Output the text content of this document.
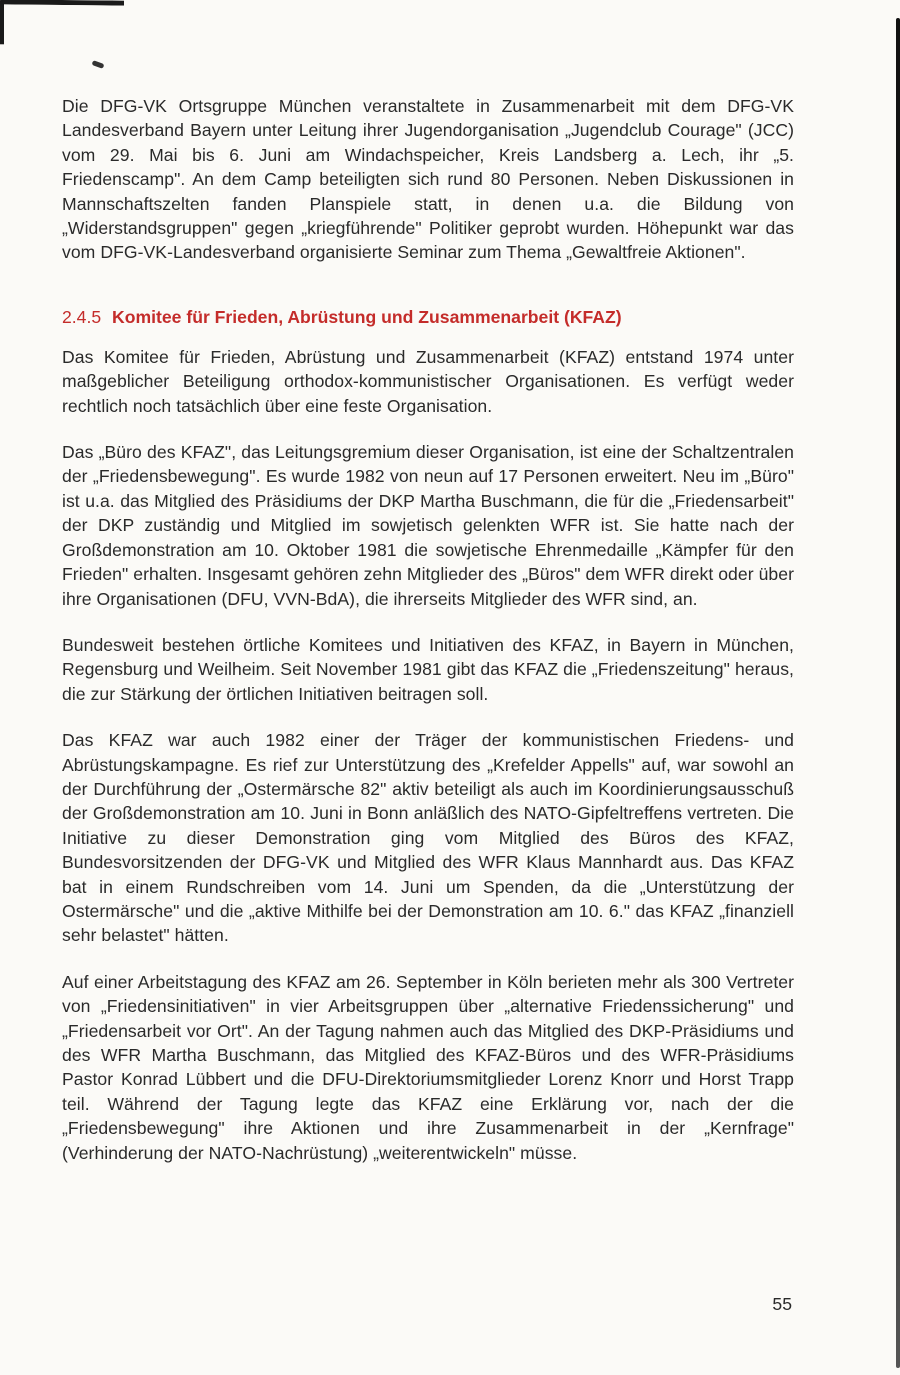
Die DFG-VK Ortsgruppe München veranstaltete in Zusammenarbeit mit dem DFG-VK Landesverband Bayern unter Leitung ihrer Jugendorganisation „Jugendclub Courage" (JCC) vom 29. Mai bis 6. Juni am Windachspeicher, Kreis Landsberg a. Lech, ihr „5. Friedenscamp". An dem Camp beteiligten sich rund 80 Personen. Neben Diskussionen in Mannschaftszelten fanden Planspiele statt, in denen u.a. die Bildung von „Widerstandsgruppen" gegen „kriegführende" Politiker geprobt wurden. Höhepunkt war das vom DFG-VK-Landesverband organisierte Seminar zum Thema „Gewaltfreie Aktionen".

2.4.5 Komitee für Frieden, Abrüstung und Zusammenarbeit (KFAZ)

Das Komitee für Frieden, Abrüstung und Zusammenarbeit (KFAZ) entstand 1974 unter maßgeblicher Beteiligung orthodox-kommunistischer Organisationen. Es verfügt weder rechtlich noch tatsächlich über eine feste Organisation.

Das „Büro des KFAZ", das Leitungsgremium dieser Organisation, ist eine der Schaltzentralen der „Friedensbewegung". Es wurde 1982 von neun auf 17 Personen erweitert. Neu im „Büro" ist u.a. das Mitglied des Präsidiums der DKP Martha Buschmann, die für die „Friedensarbeit" der DKP zuständig und Mitglied im sowjetisch gelenkten WFR ist. Sie hatte nach der Großdemonstration am 10. Oktober 1981 die sowjetische Ehrenmedaille „Kämpfer für den Frieden" erhalten. Insgesamt gehören zehn Mitglieder des „Büros" dem WFR direkt oder über ihre Organisationen (DFU, VVN-BdA), die ihrerseits Mitglieder des WFR sind, an.

Bundesweit bestehen örtliche Komitees und Initiativen des KFAZ, in Bayern in München, Regensburg und Weilheim. Seit November 1981 gibt das KFAZ die „Friedenszeitung" heraus, die zur Stärkung der örtlichen Initiativen beitragen soll.

Das KFAZ war auch 1982 einer der Träger der kommunistischen Friedens- und Abrüstungskampagne. Es rief zur Unterstützung des „Krefelder Appells" auf, war sowohl an der Durchführung der „Ostermärsche 82" aktiv beteiligt als auch im Koordinierungsausschuß der Großdemonstration am 10. Juni in Bonn anläßlich des NATO-Gipfeltreffens vertreten. Die Initiative zu dieser Demonstration ging vom Mitglied des Büros des KFAZ, Bundesvorsitzenden der DFG-VK und Mitglied des WFR Klaus Mannhardt aus. Das KFAZ bat in einem Rundschreiben vom 14. Juni um Spenden, da die „Unterstützung der Ostermärsche" und die „aktive Mithilfe bei der Demonstration am 10. 6." das KFAZ „finanziell sehr belastet" hätten.

Auf einer Arbeitstagung des KFAZ am 26. September in Köln berieten mehr als 300 Vertreter von „Friedensinitiativen" in vier Arbeitsgruppen über „alternative Friedenssicherung" und „Friedensarbeit vor Ort". An der Tagung nahmen auch das Mitglied des DKP-Präsidiums und des WFR Martha Buschmann, das Mitglied des KFAZ-Büros und des WFR-Präsidiums Pastor Konrad Lübbert und die DFU-Direktoriumsmitglieder Lorenz Knorr und Horst Trapp teil. Während der Tagung legte das KFAZ eine Erklärung vor, nach der die „Friedensbewegung" ihre Aktionen und ihre Zusammenarbeit in der „Kernfrage" (Verhinderung der NATO-Nachrüstung) „weiterentwickeln" müsse.

55
